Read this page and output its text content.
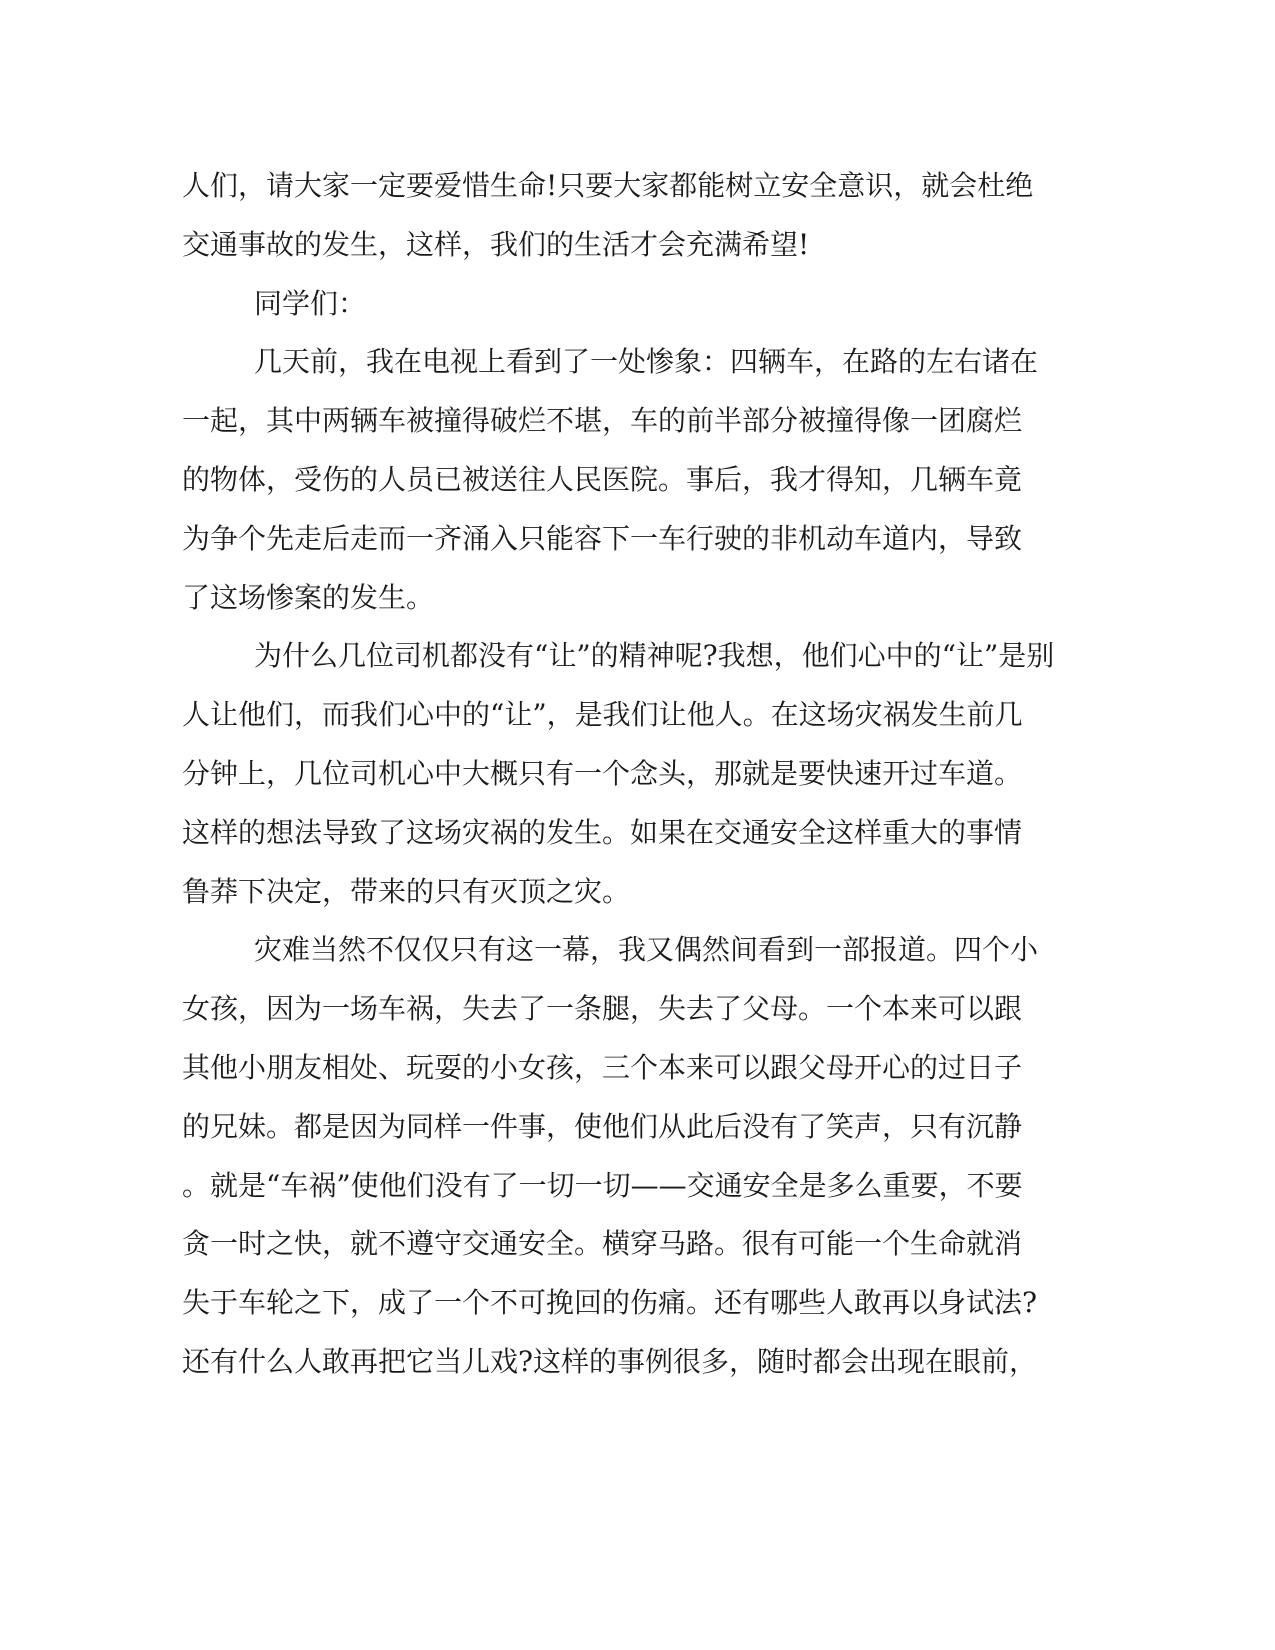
人们，请大家一定要爱惜生命!只要大家都能树立安全意识，就会杜绝
交通事故的发生，这样，我们的生活才会充满希望!
同学们：
几天前，我在电视上看到了一处惨象：四辆车，在路的左右诸在
一起，其中两辆车被撞得破烂不堪，车的前半部分被撞得像一团腐烂
的物体，受伤的人员已被送往人民医院。事后，我才得知，几辆车竟
为争个先走后走而一齐涌入只能容下一车行驶的非机动车道内，导致
了这场惨案的发生。
为什么几位司机都没有“让”的精神呢?我想，他们心中的“让”是别
人让他们，而我们心中的“让”，是我们让他人。在这场灾祸发生前几
分钟上，几位司机心中大概只有一个念头，那就是要快速开过车道。
这样的想法导致了这场灾祸的发生。如果在交通安全这样重大的事情
鲁莽下决定，带来的只有灭顶之灾。
灾难当然不仅仅只有这一幕，我又偶然间看到一部报道。四个小
女孩，因为一场车祸，失去了一条腿，失去了父母。一个本来可以跟
其他小朋友相处、玩耍的小女孩，三个本来可以跟父母开心的过日子
的兄妹。都是因为同样一件事，使他们从此后没有了笑声，只有沉静
。就是“车祸”使他们没有了一切一切——交通安全是多么重要，不要
贪一时之快，就不遵守交通安全。横穿马路。很有可能一个生命就消
失于车轮之下，成了一个不可挽回的伤痛。还有哪些人敢再以身试法?
还有什么人敢再把它当儿戏?这样的事例很多，随时都会出现在眼前，
